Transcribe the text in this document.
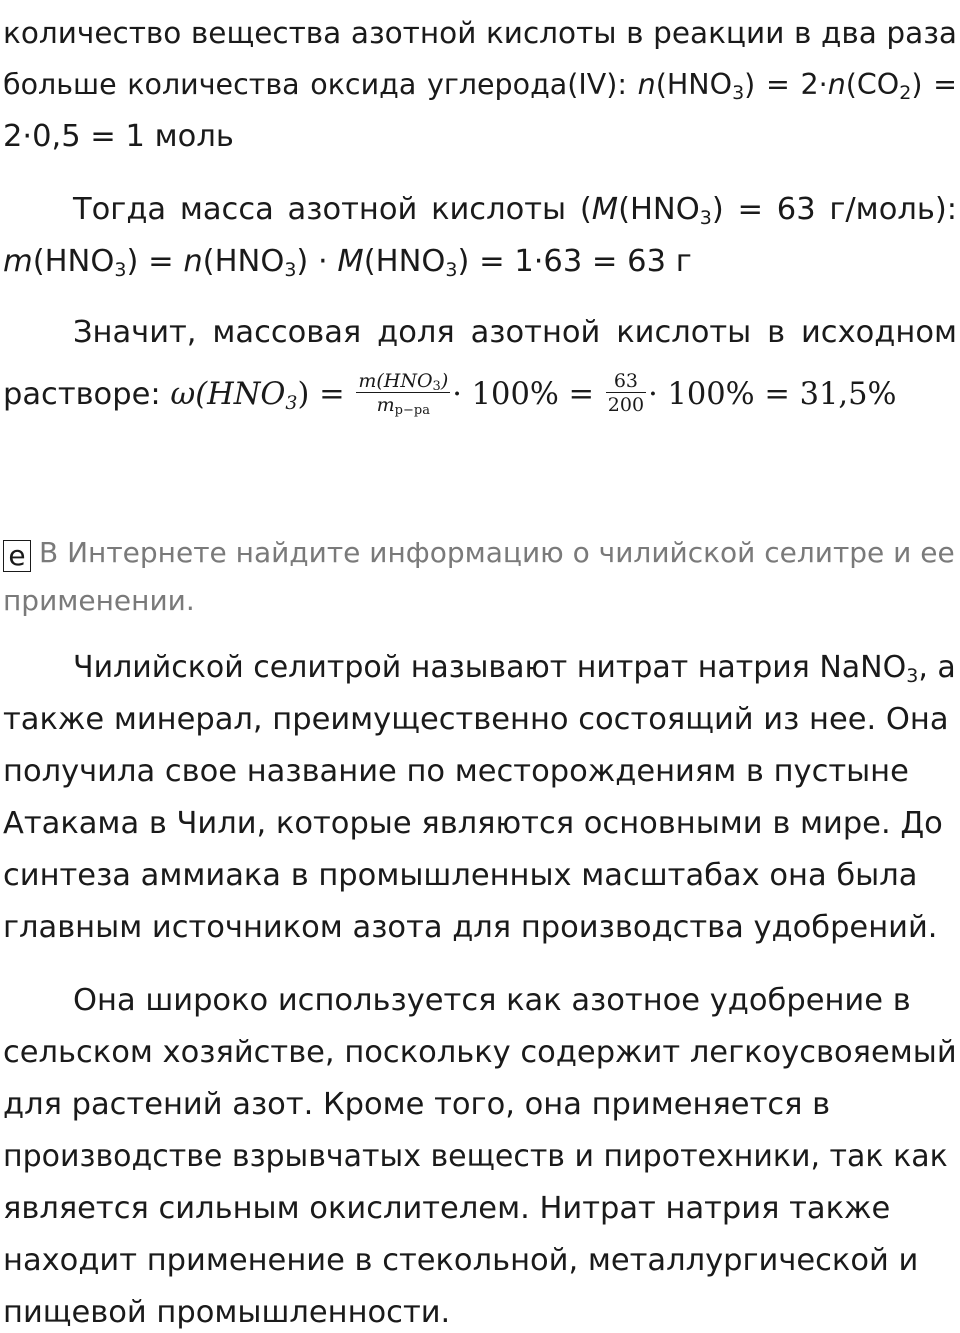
количество вещества азотной кислоты в реакции в два раза
больше количества оксида углерода(IV): $n(HNO_3) = 2\cdot n(CO_2)$ =
2·0,5 = 1 моль
Тогда масса азотной кислоты ($M(HNO_3) = 63$ г/моль):
$m(HNO_3) = n(HNO_3) \cdot M(HNO_3) = 1\cdot 63 = 63$ г
Значит, массовая доля азотной кислоты в исходном
растворе: $\omega(HNO_3) = \frac{m(HNO_3)}{m_{р-ра}} \cdot 100\% = \frac{63}{200} \cdot 100\% = 31,5\%$
е В Интернете найдите информацию о чилийской селитре и ее
применении.
Чилийской селитрой называют нитрат натрия NaNO$_3$, а
также минерал, преимущественно состоящий из нее. Она
получила свое название по месторождениям в пустыне
Атакама в Чили, которые являются основными в мире. До
синтеза аммиака в промышленных масштабах она была
главным источником азота для производства удобрений.
Она широко используется как азотное удобрение в
сельском хозяйстве, поскольку содержит легкоусвояемый
для растений азот. Кроме того, она применяется в
производстве взрывчатых веществ и пиротехники, так как
является сильным окислителем. Нитрат натрия также
находит применение в стекольной, металлургической и
пищевой промышленности.
